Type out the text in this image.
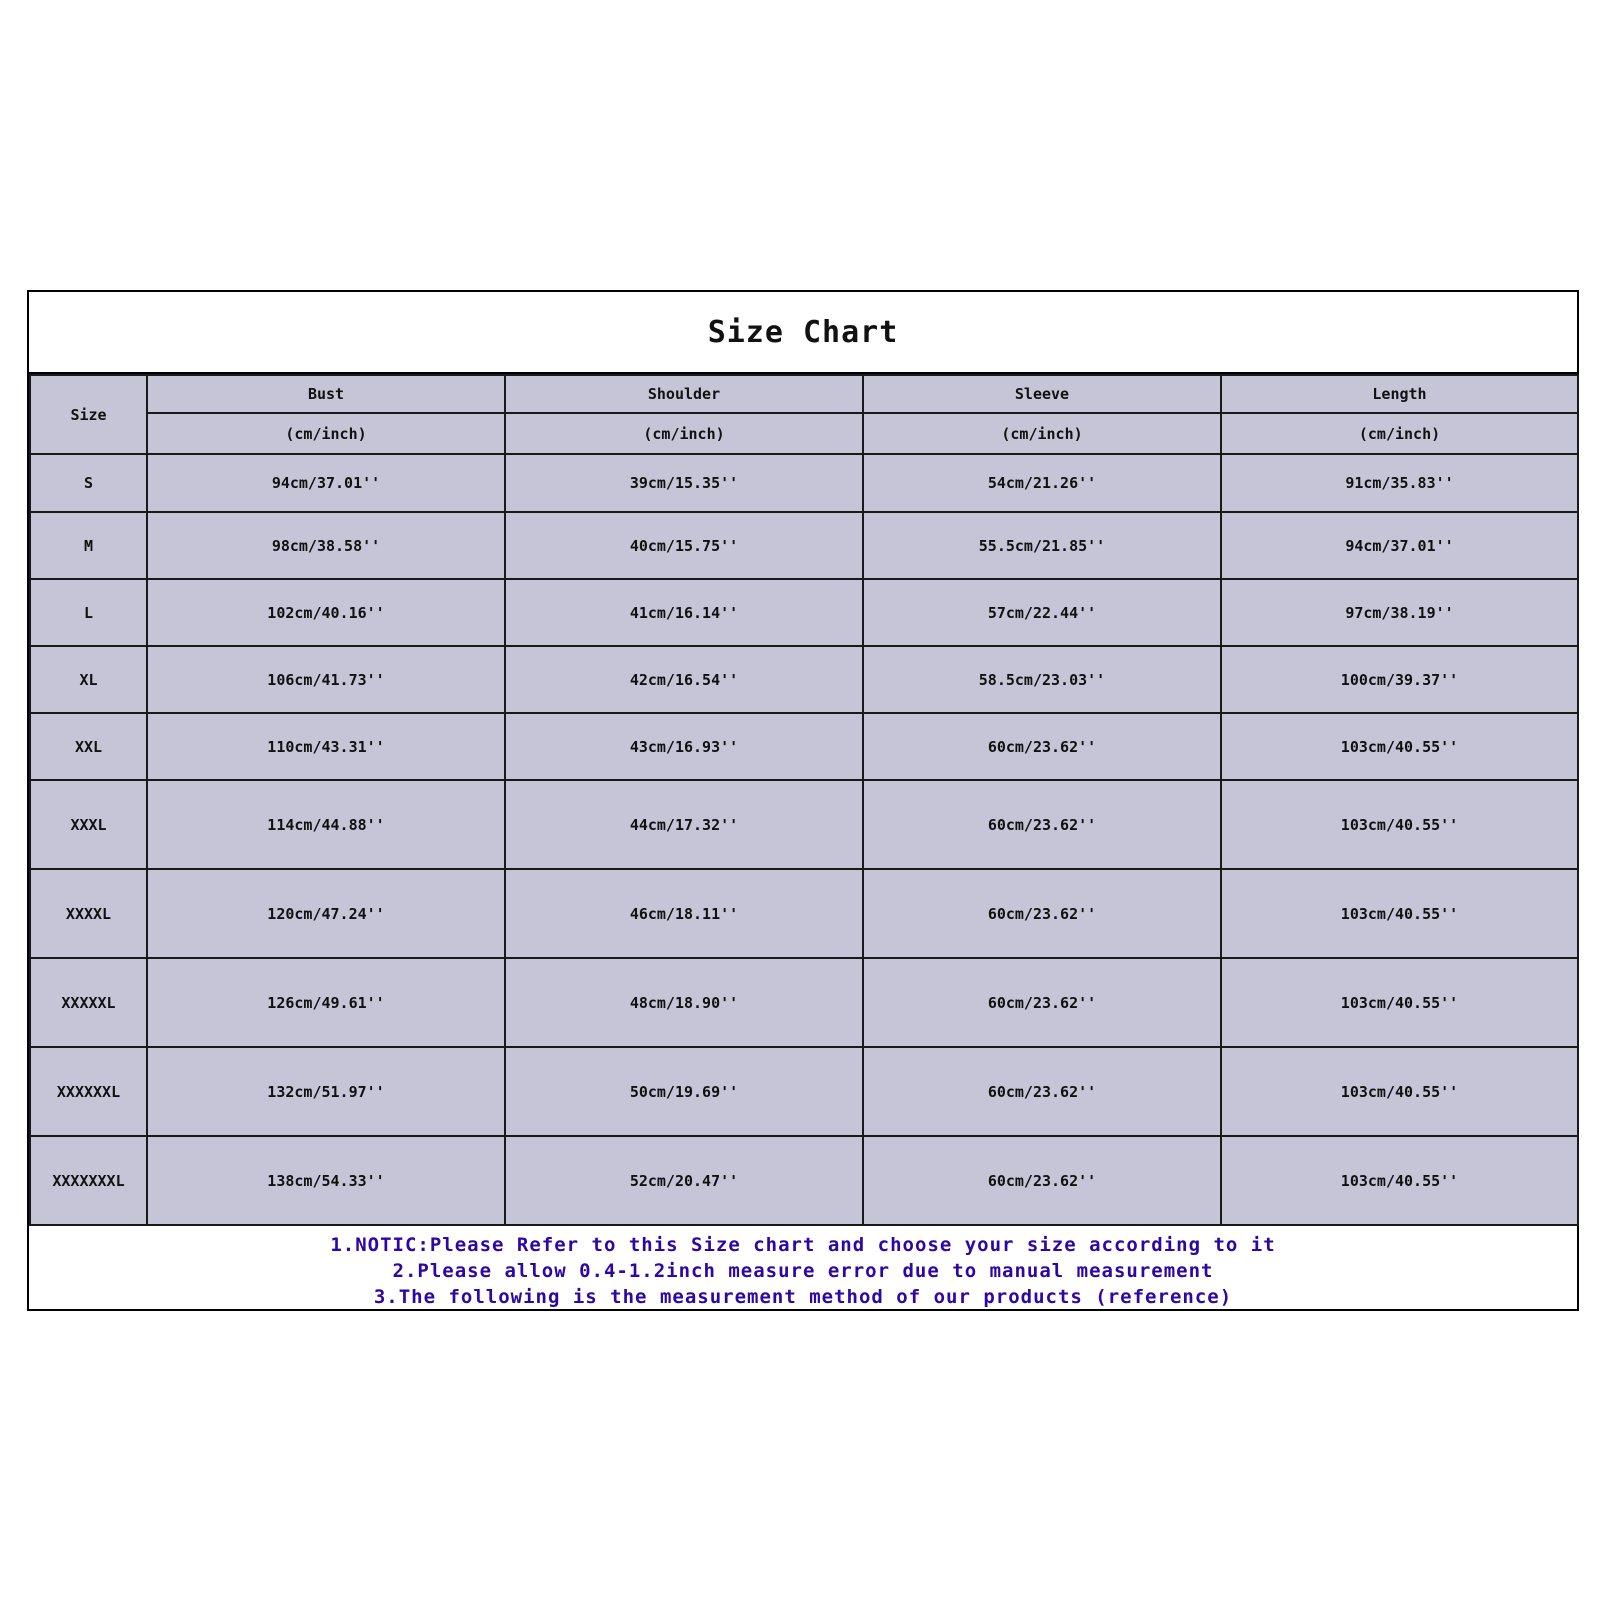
Size Chart
Size	Bust	Shoulder	Sleeve	Length
	(cm/inch)	(cm/inch)	(cm/inch)	(cm/inch)
S	94cm/37.01''	39cm/15.35''	54cm/21.26''	91cm/35.83''
M	98cm/38.58''	40cm/15.75''	55.5cm/21.85''	94cm/37.01''
L	102cm/40.16''	41cm/16.14''	57cm/22.44''	97cm/38.19''
XL	106cm/41.73''	42cm/16.54''	58.5cm/23.03''	100cm/39.37''
XXL	110cm/43.31''	43cm/16.93''	60cm/23.62''	103cm/40.55''
XXXL	114cm/44.88''	44cm/17.32''	60cm/23.62''	103cm/40.55''
XXXXL	120cm/47.24''	46cm/18.11''	60cm/23.62''	103cm/40.55''
XXXXXL	126cm/49.61''	48cm/18.90''	60cm/23.62''	103cm/40.55''
XXXXXXL	132cm/51.97''	50cm/19.69''	60cm/23.62''	103cm/40.55''
XXXXXXXL	138cm/54.33''	52cm/20.47''	60cm/23.62''	103cm/40.55''
1.NOTIC:Please Refer to this Size chart and choose your size according to it
2.Please allow 0.4-1.2inch measure error due to manual measurement
3.The following is the measurement method of our products (reference)
